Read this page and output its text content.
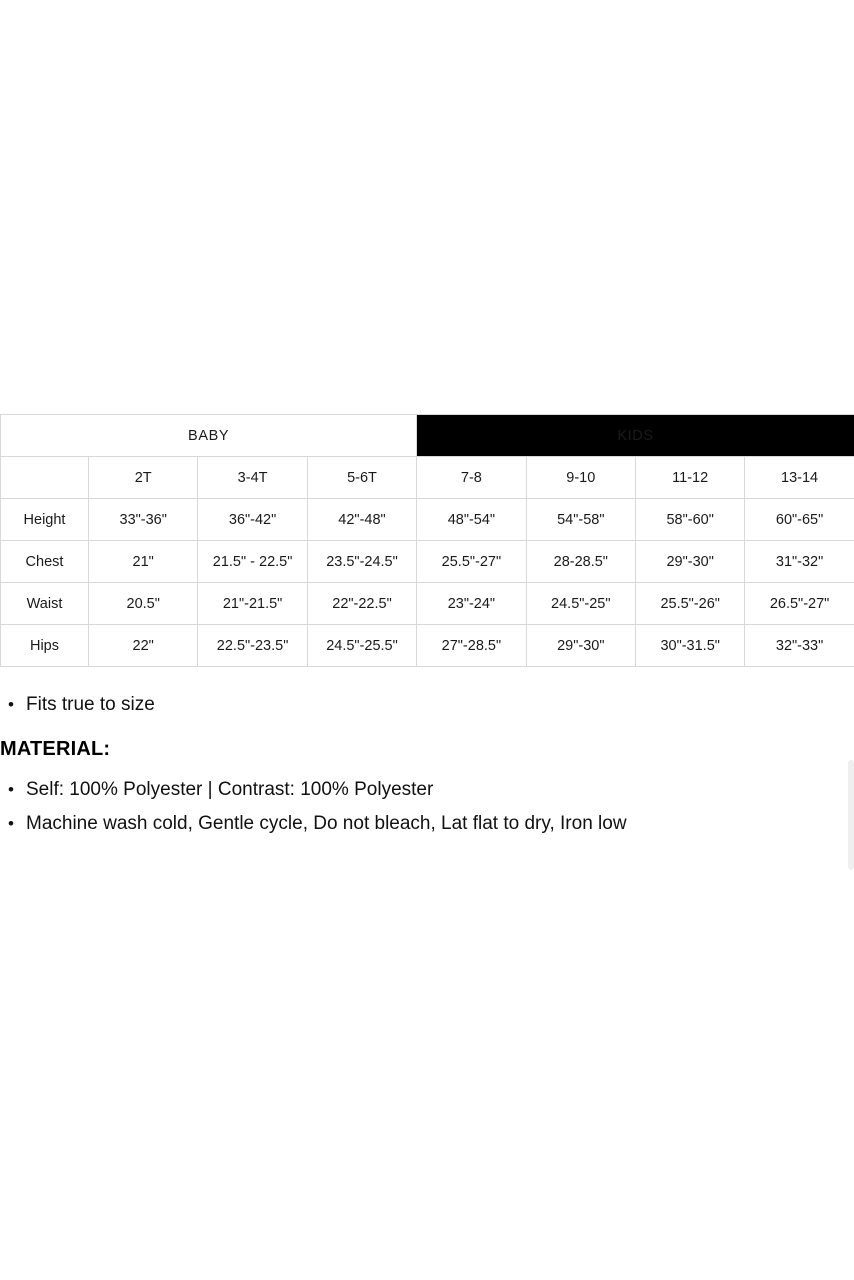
BABY				KIDS			
	2T	3-4T	5-6T	7-8	9-10	11-12	13-14
Height	33"-36"	36"-42"	42"-48"	48"-54"	54"-58"	58"-60"	60"-65"
Chest	21"	21.5" - 22.5"	23.5"-24.5"	25.5"-27"	28-28.5"	29"-30"	31"-32"
Waist	20.5"	21"-21.5"	22"-22.5"	23"-24"	24.5"-25"	25.5"-26"	26.5"-27"
Hips	22"	22.5"-23.5"	24.5"-25.5"	27"-28.5"	29"-30"	30"-31.5"	32"-33"
• Fits true to size
MATERIAL:
• Self: 100% Polyester | Contrast: 100% Polyester
• Machine wash cold, Gentle cycle, Do not bleach, Lat flat to dry, Iron low
